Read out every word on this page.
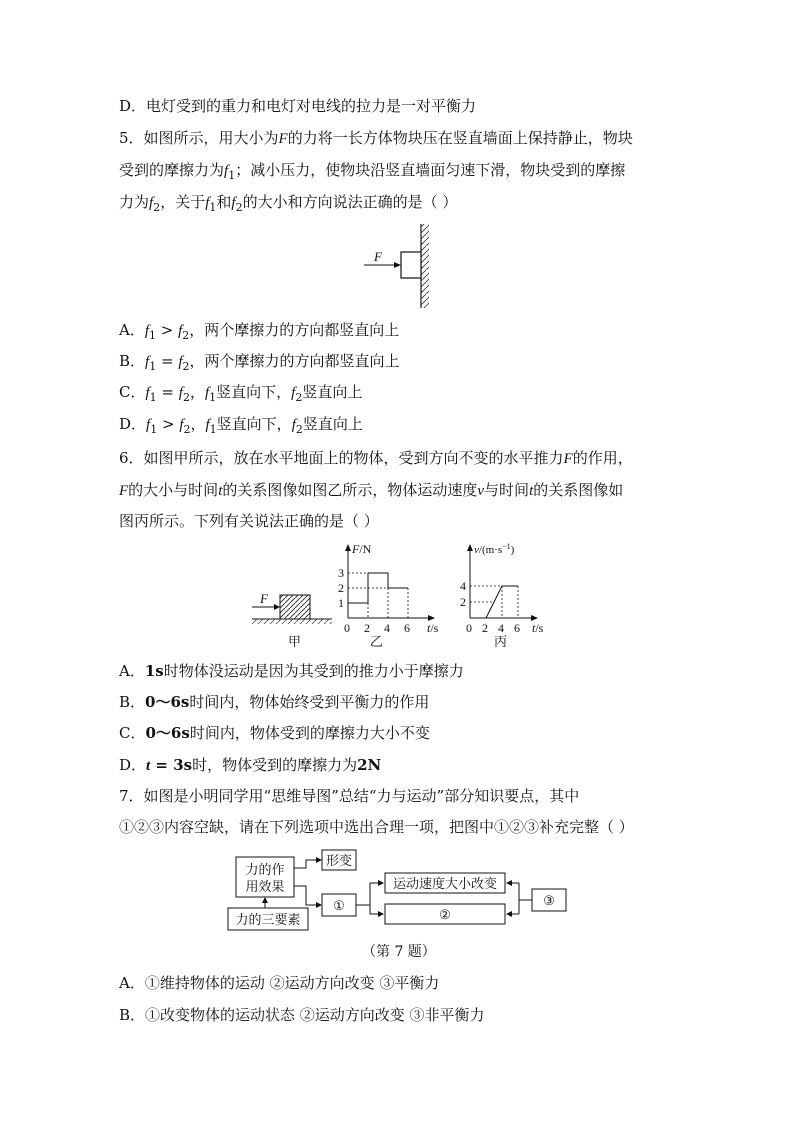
D．电灯受到的重力和电灯对电线的拉力是一对平衡力
5．如图所示，用大小为F的力将一长方体物块压在竖直墙面上保持静止，物块
受到的摩擦力为$f_1$；减小压力，使物块沿竖直墙面匀速下滑，物块受到的摩擦
力为$f_2$，关于$f_1$和$f_2$的大小和方向说法正确的是（ ）
F
A．$f_1 > f_2$，两个摩擦力的方向都竖直向上
B．$f_1 = f_2$，两个摩擦力的方向都竖直向上
C．$f_1 = f_2$，$f_1$竖直向下，$f_2$竖直向上
D．$f_1 > f_2$，$f_1$竖直向下，$f_2$竖直向上
6．如图甲所示，放在水平地面上的物体，受到方向不变的水平推力F的作用，
F的大小与时间t的关系图像如图乙所示，物体运动速度v与时间t的关系图像如
图丙所示。下列有关说法正确的是（ ）
F
甲
F/N
t/s
1
2
3
0 2 4 6
乙
$v/(m\cdot s^{-1})$
t/s
2
4
0 2 4 6
丙
A．1s时物体没运动是因为其受到的推力小于摩擦力
B．0～6s时间内，物体始终受到平衡力的作用
C．0～6s时间内，物体受到的摩擦力大小不变
D．t = 3s时，物体受到的摩擦力为2N
7．如图是小明同学用“思维导图”总结“力与运动”部分知识要点，其中
①②③内容空缺，请在下列选项中选出合理一项，把图中①②③补充完整（ ）
力的作
用效果
力的三要素
形变
①
运动速度大小改变
②
③
（第 7 题）
A．①维持物体的运动 ②运动方向改变 ③平衡力
B．①改变物体的运动状态 ②运动方向改变 ③非平衡力
